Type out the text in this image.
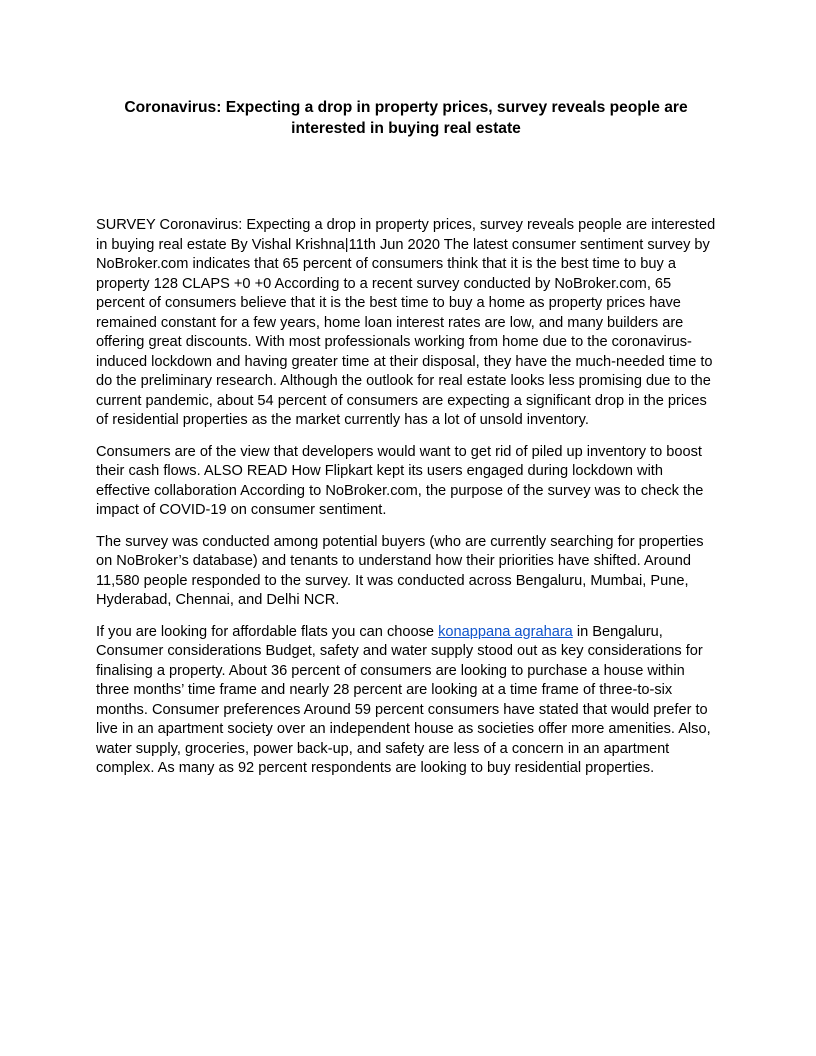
Coronavirus: Expecting a drop in property prices, survey reveals people are interested in buying real estate

SURVEY Coronavirus: Expecting a drop in property prices, survey reveals people are interested in buying real estate By Vishal Krishna|11th Jun 2020 The latest consumer sentiment survey by NoBroker.com indicates that 65 percent of consumers think that it is the best time to buy a property 128 CLAPS +0 +0 According to a recent survey conducted by NoBroker.com, 65 percent of consumers believe that it is the best time to buy a home as property prices have remained constant for a few years, home loan interest rates are low, and many builders are offering great discounts. With most professionals working from home due to the coronavirus-induced lockdown and having greater time at their disposal, they have the much-needed time to do the preliminary research. Although the outlook for real estate looks less promising due to the current pandemic, about 54 percent of consumers are expecting a significant drop in the prices of residential properties as the market currently has a lot of unsold inventory.

Consumers are of the view that developers would want to get rid of piled up inventory to boost their cash flows. ALSO READ How Flipkart kept its users engaged during lockdown with effective collaboration According to NoBroker.com, the purpose of the survey was to check the impact of COVID-19 on consumer sentiment.

The survey was conducted among potential buyers (who are currently searching for properties on NoBroker’s database) and tenants to understand how their priorities have shifted. Around 11,580 people responded to the survey. It was conducted across Bengaluru, Mumbai, Pune, Hyderabad, Chennai, and Delhi NCR.

If you are looking for affordable flats you can choose konappana agrahara in Bengaluru, Consumer considerations Budget, safety and water supply stood out as key considerations for finalising a property. About 36 percent of consumers are looking to purchase a house within three months’ time frame and nearly 28 percent are looking at a time frame of three-to-six months. Consumer preferences Around 59 percent consumers have stated that would prefer to live in an apartment society over an independent house as societies offer more amenities. Also, water supply, groceries, power back-up, and safety are less of a concern in an apartment complex. As many as 92 percent respondents are looking to buy residential properties.
